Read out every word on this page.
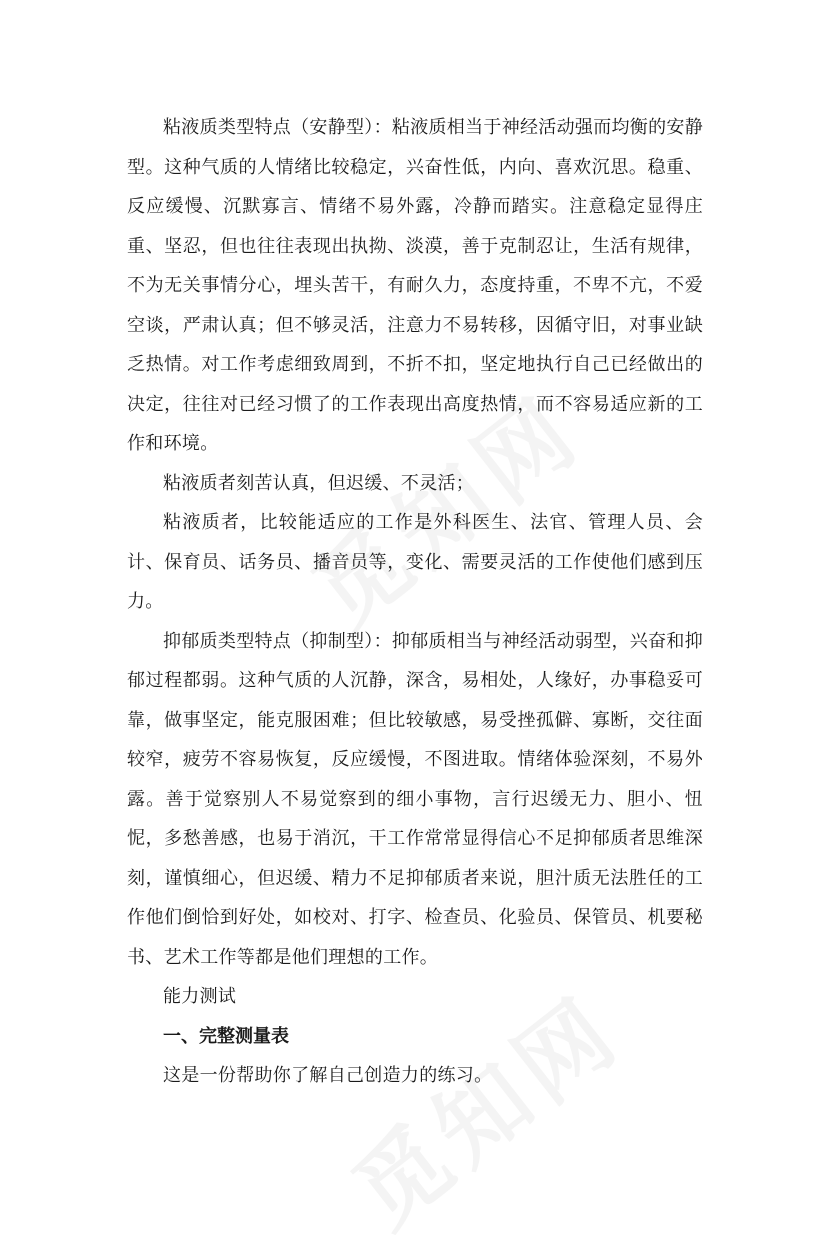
粘液质类型特点（安静型）：粘液质相当于神经活动强而均衡的安静型。这种气质的人情绪比较稳定，兴奋性低，内向、喜欢沉思。稳重、反应缓慢、沉默寡言、情绪不易外露，冷静而踏实。注意稳定显得庄重、坚忍，但也往往表现出执拗、淡漠，善于克制忍让，生活有规律，不为无关事情分心，埋头苦干，有耐久力，态度持重，不卑不亢，不爱空谈，严肃认真；但不够灵活，注意力不易转移，因循守旧，对事业缺乏热情。对工作考虑细致周到，不折不扣，坚定地执行自己已经做出的决定，往往对已经习惯了的工作表现出高度热情，而不容易适应新的工作和环境。

粘液质者刻苦认真，但迟缓、不灵活；

粘液质者，比较能适应的工作是外科医生、法官、管理人员、会计、保育员、话务员、播音员等，变化、需要灵活的工作使他们感到压力。

抑郁质类型特点（抑制型）：抑郁质相当与神经活动弱型，兴奋和抑郁过程都弱。这种气质的人沉静，深含，易相处，人缘好，办事稳妥可靠，做事坚定，能克服困难；但比较敏感，易受挫孤僻、寡断，交往面较窄，疲劳不容易恢复，反应缓慢，不图进取。情绪体验深刻，不易外露。善于觉察别人不易觉察到的细小事物，言行迟缓无力、胆小、忸怩，多愁善感，也易于消沉，干工作常常显得信心不足抑郁质者思维深刻，谨慎细心，但迟缓、精力不足抑郁质者来说，胆汁质无法胜任的工作他们倒恰到好处，如校对、打字、检查员、化验员、保管员、机要秘书、艺术工作等都是他们理想的工作。

能力测试

一、完整测量表

这是一份帮助你了解自己创造力的练习。
